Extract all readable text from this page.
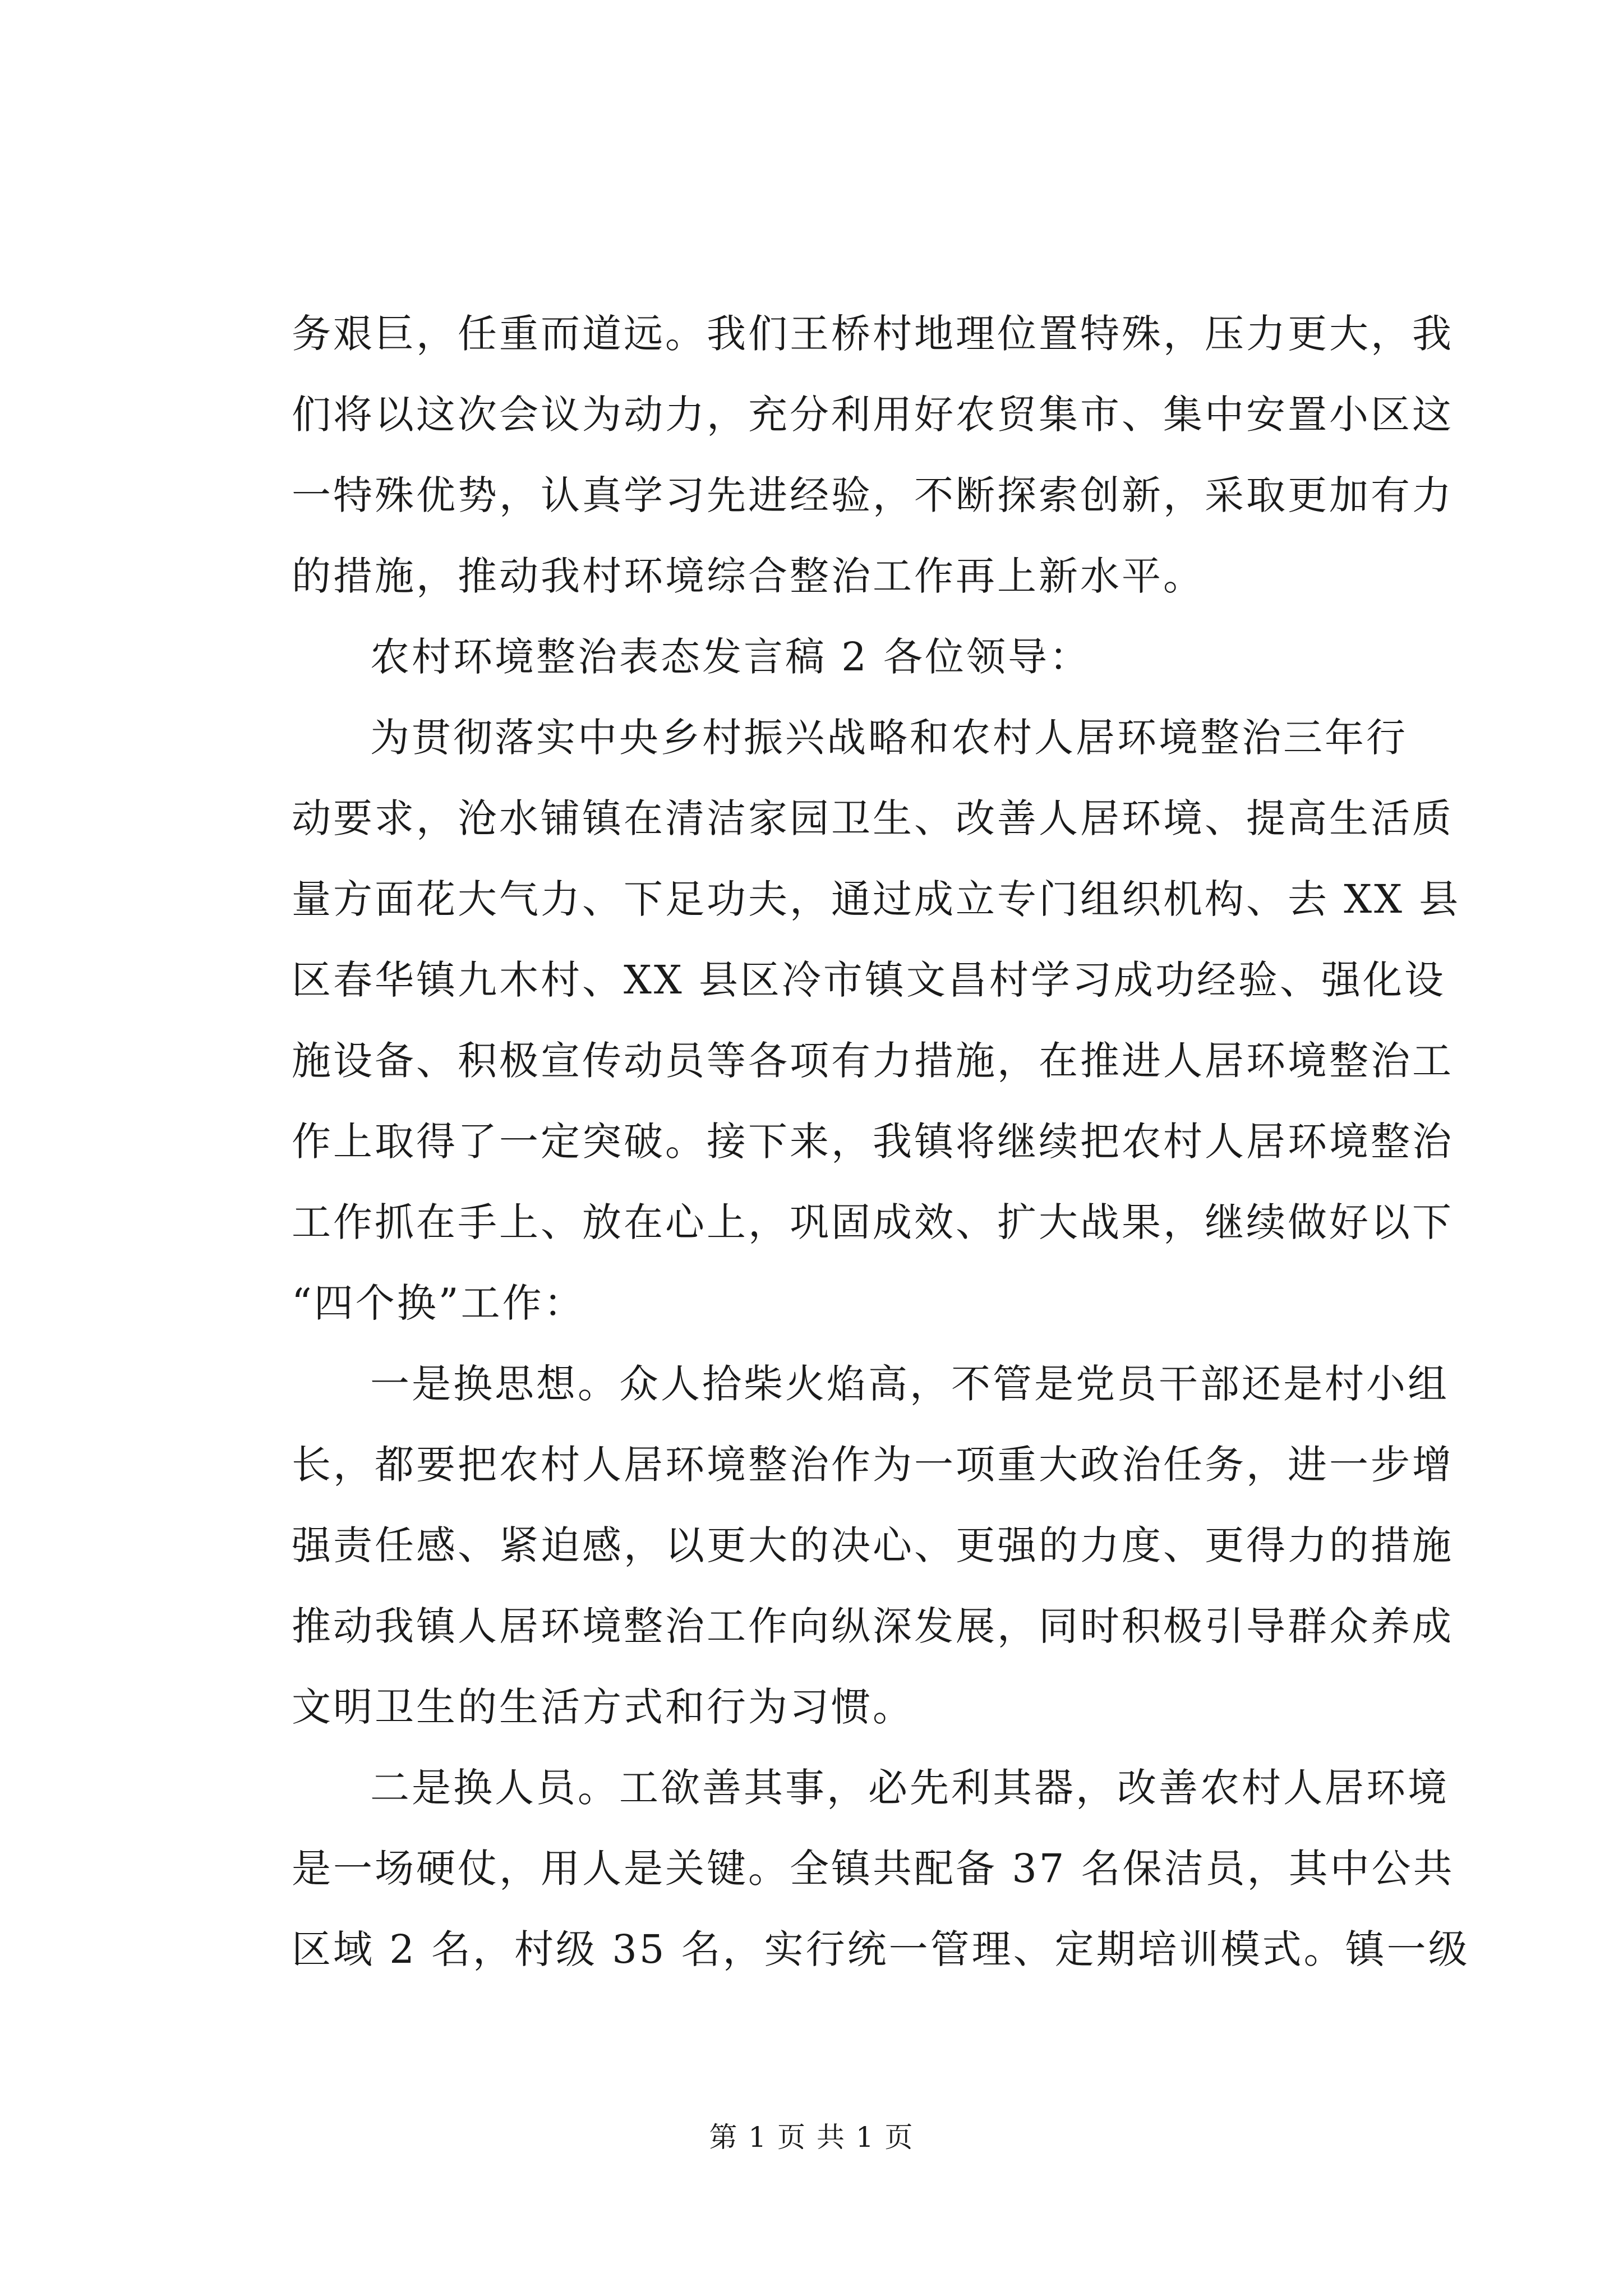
务艰巨，任重而道远。我们王桥村地理位置特殊，压力更大，我
们将以这次会议为动力，充分利用好农贸集市、集中安置小区这
一特殊优势，认真学习先进经验，不断探索创新，采取更加有力
的措施，推动我村环境综合整治工作再上新水平。
农村环境整治表态发言稿 2 各位领导：
为贯彻落实中央乡村振兴战略和农村人居环境整治三年行
动要求，沧水铺镇在清洁家园卫生、改善人居环境、提高生活质
量方面花大气力、下足功夫，通过成立专门组织机构、去 XX 县
区春华镇九木村、XX 县区冷市镇文昌村学习成功经验、强化设
施设备、积极宣传动员等各项有力措施，在推进人居环境整治工
作上取得了一定突破。接下来，我镇将继续把农村人居环境整治
工作抓在手上、放在心上，巩固成效、扩大战果，继续做好以下
“四个换”工作：
一是换思想。众人拾柴火焰高，不管是党员干部还是村小组
长，都要把农村人居环境整治作为一项重大政治任务，进一步增
强责任感、紧迫感，以更大的决心、更强的力度、更得力的措施
推动我镇人居环境整治工作向纵深发展，同时积极引导群众养成
文明卫生的生活方式和行为习惯。
二是换人员。工欲善其事，必先利其器，改善农村人居环境
是一场硬仗，用人是关键。全镇共配备 37 名保洁员，其中公共
区域 2 名，村级 35 名，实行统一管理、定期培训模式。镇一级
第 1 页 共 1 页
